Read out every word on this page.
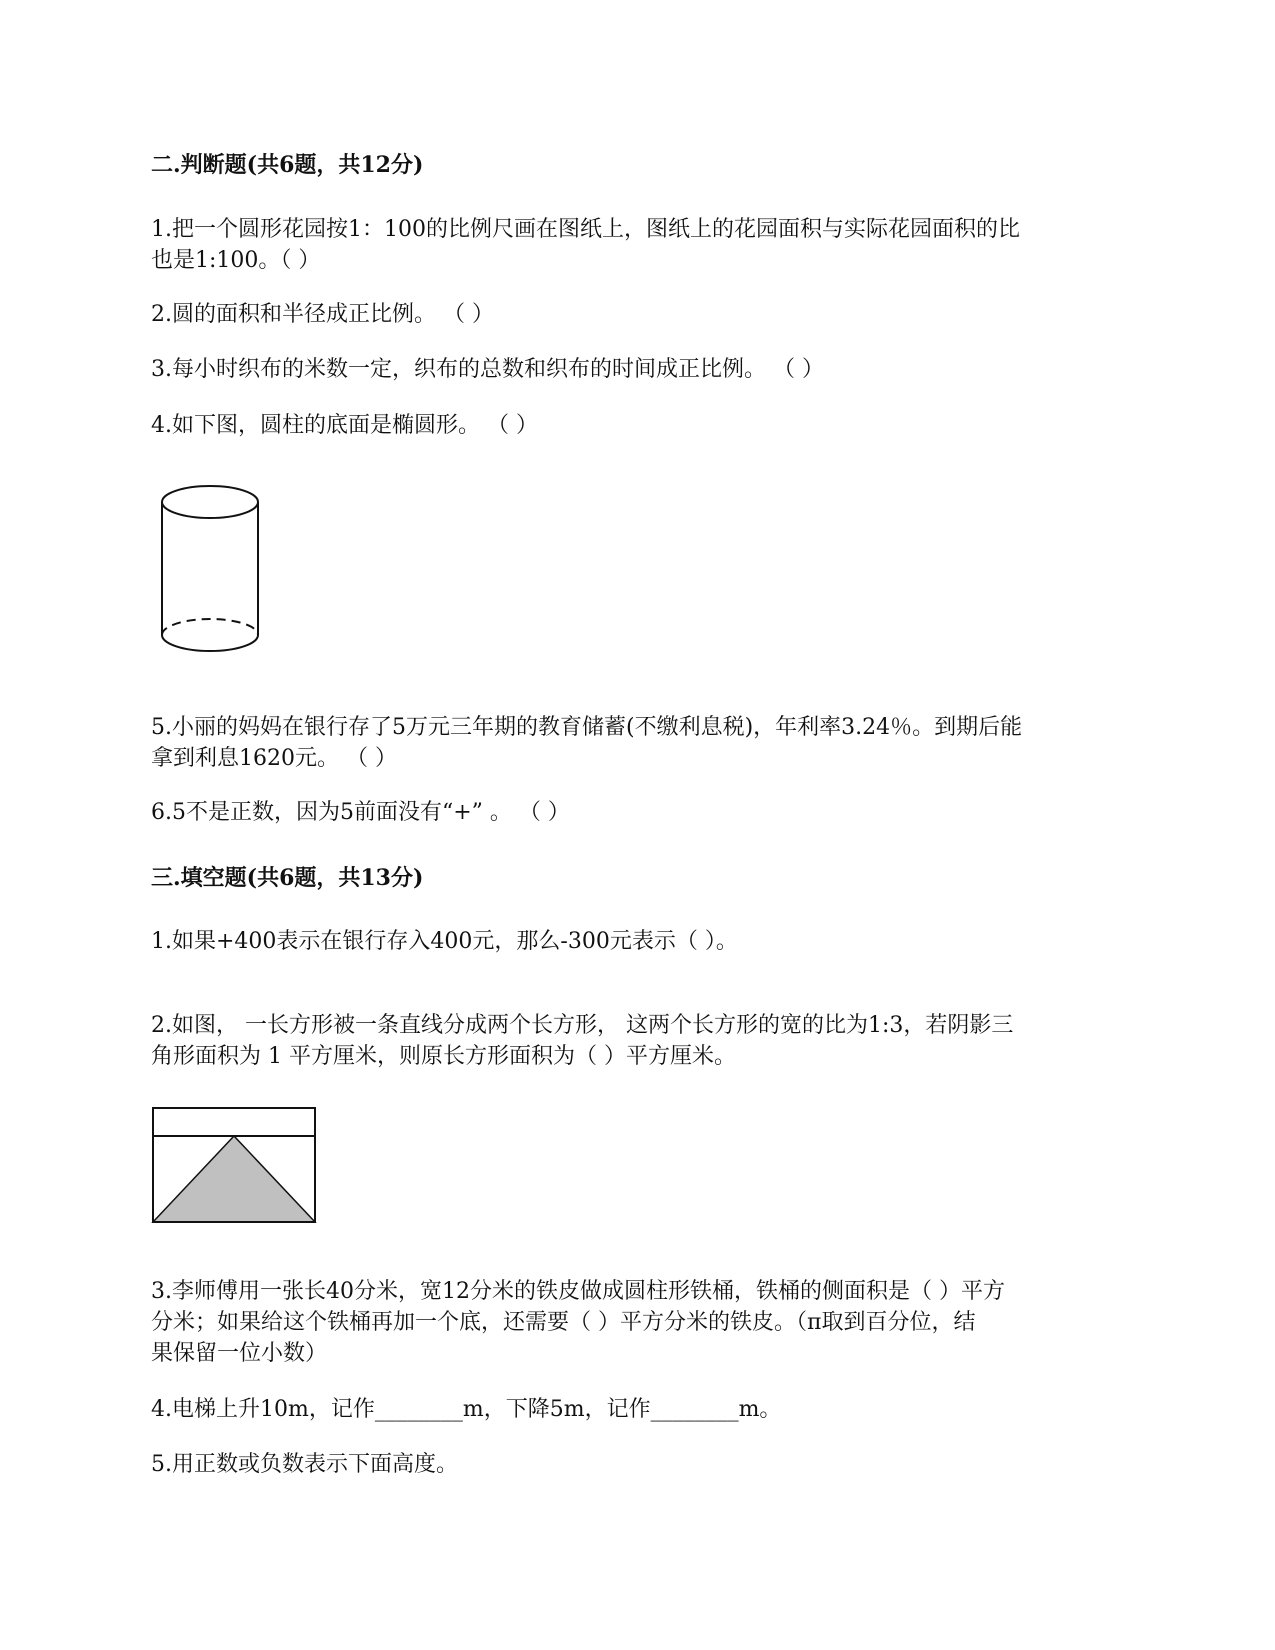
二.判断题(共6题，共12分)
1.把一个圆形花园按1：100的比例尺画在图纸上，图纸上的花园面积与实际花园面积的比
也是1:100。（ ）
2.圆的面积和半径成正比例。 （ ）
3.每小时织布的米数一定，织布的总数和织布的时间成正比例。 （ ）
4.如下图，圆柱的底面是椭圆形。 （ ）
5.小丽的妈妈在银行存了5万元三年期的教育储蓄(不缴利息税)，年利率3.24％。到期后能
拿到利息1620元。 （ ）
6.5不是正数，因为5前面没有“+” 。 （ ）
三.填空题(共6题，共13分)
1.如果+400表示在银行存入400元，那么-300元表示（ ）。
2.如图， 一长方形被一条直线分成两个长方形， 这两个长方形的宽的比为1:3，若阴影三
角形面积为 1 平方厘米，则原长方形面积为（ ）平方厘米。
3.李师傅用一张长40分米，宽12分米的铁皮做成圆柱形铁桶，铁桶的侧面积是（ ）平方
分米；如果给这个铁桶再加一个底，还需要（ ）平方分米的铁皮。（π取到百分位，结
果保留一位小数）
4.电梯上升10m，记作________m，下降5m，记作________m。
5.用正数或负数表示下面高度。
